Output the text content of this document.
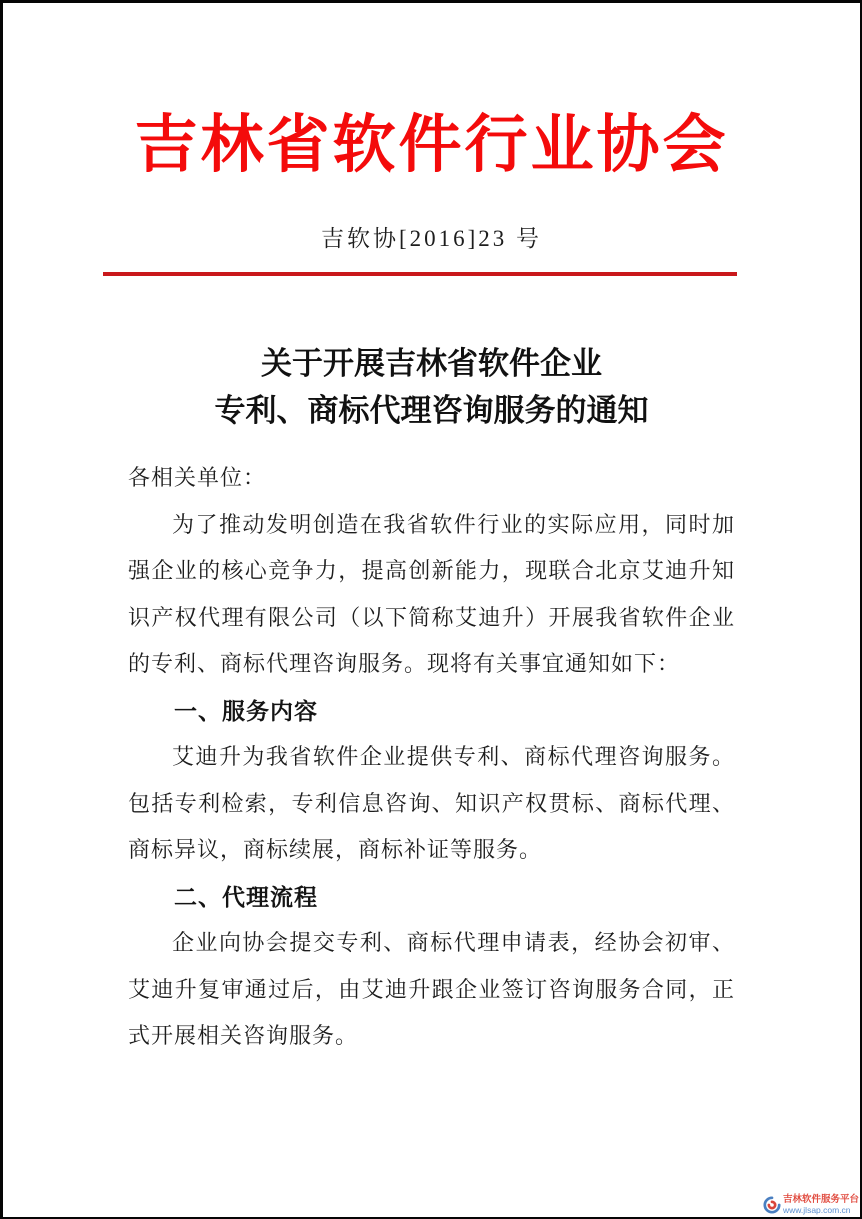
吉林省软件行业协会
吉软协[2016]23 号
关于开展吉林省软件企业
专利、商标代理咨询服务的通知

各相关单位：

为了推动发明创造在我省软件行业的实际应用，同时加强企业的核心竞争力，提高创新能力，现联合北京艾迪升知识产权代理有限公司（以下简称艾迪升）开展我省软件企业的专利、商标代理咨询服务。现将有关事宜通知如下：

一、服务内容

艾迪升为我省软件企业提供专利、商标代理咨询服务。包括专利检索，专利信息咨询、知识产权贯标、商标代理、商标异议，商标续展，商标补证等服务。

二、代理流程

企业向协会提交专利、商标代理申请表，经协会初审、艾迪升复审通过后，由艾迪升跟企业签订咨询服务合同，正式开展相关咨询服务。

吉林软件服务平台
www.jlsap.com.cn
